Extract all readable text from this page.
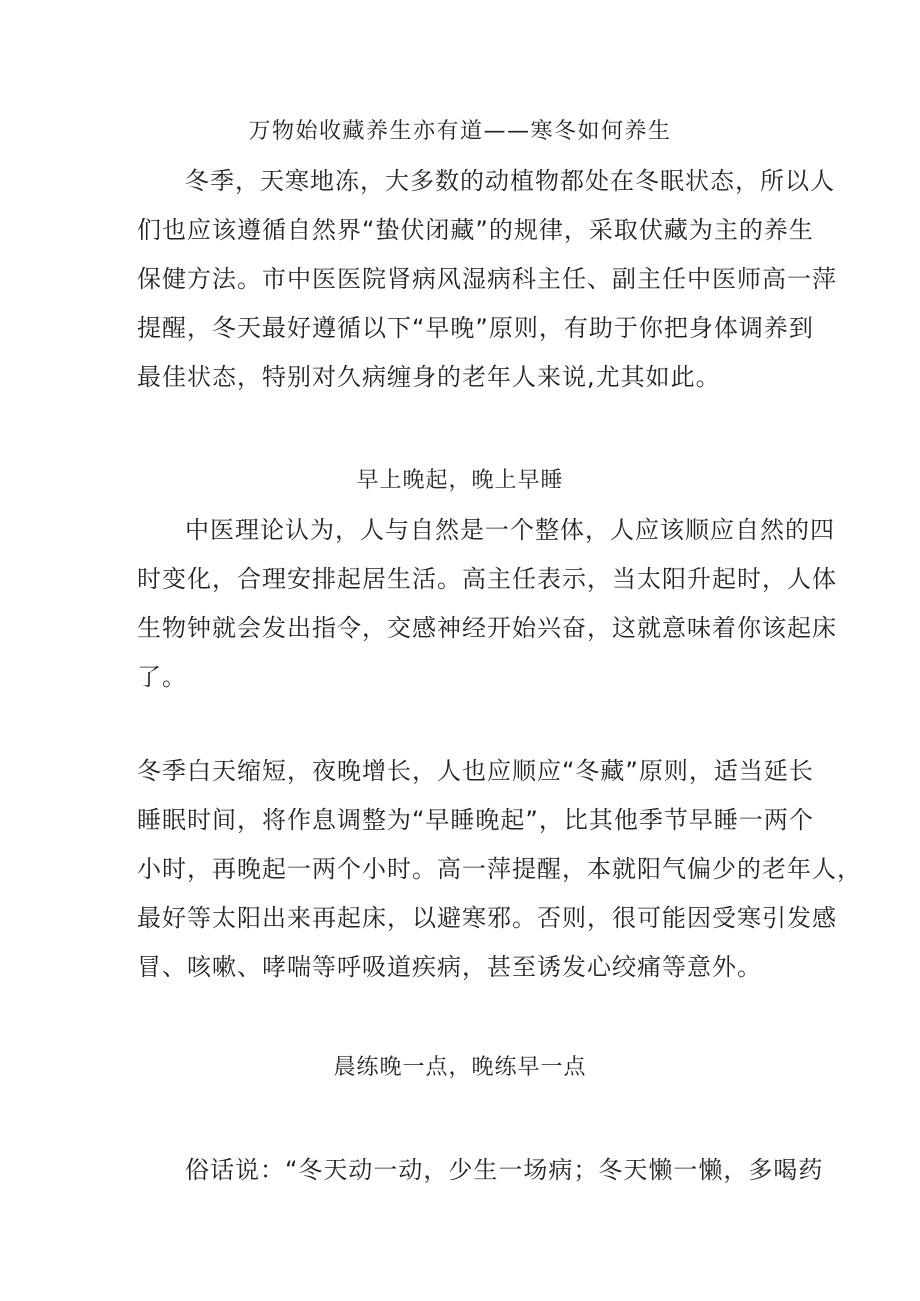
万物始收藏养生亦有道——寒冬如何养生
冬季，天寒地冻，大多数的动植物都处在冬眠状态，所以人
们也应该遵循自然界“蛰伏闭藏”的规律，采取伏藏为主的养生
保健方法。市中医医院肾病风湿病科主任、副主任中医师高一萍
提醒，冬天最好遵循以下“早晚”原则，有助于你把身体调养到
最佳状态，特别对久病缠身的老年人来说,尤其如此。
早上晚起，晚上早睡
中医理论认为，人与自然是一个整体，人应该顺应自然的四
时变化，合理安排起居生活。高主任表示，当太阳升起时，人体
生物钟就会发出指令，交感神经开始兴奋，这就意味着你该起床
了。
冬季白天缩短，夜晚增长，人也应顺应“冬藏”原则，适当延长
睡眠时间，将作息调整为“早睡晚起”，比其他季节早睡一两个
小时，再晚起一两个小时。高一萍提醒，本就阳气偏少的老年人，
最好等太阳出来再起床，以避寒邪。否则，很可能因受寒引发感
冒、咳嗽、哮喘等呼吸道疾病，甚至诱发心绞痛等意外。
晨练晚一点，晚练早一点
俗话说：“冬天动一动，少生一场病；冬天懒一懒，多喝药
